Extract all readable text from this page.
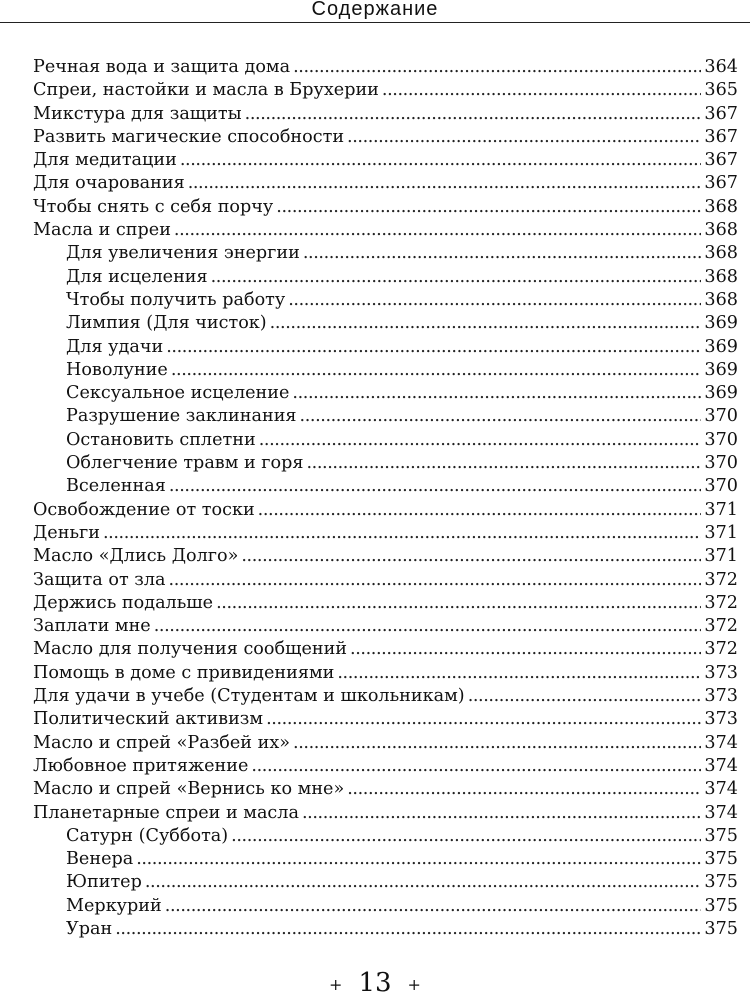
Содержание
Речная вода и защита дома . . .	364
Спреи, настойки и масла в Брухерии . . .	365
Микстура для защиты . . .	367
Развить магические способности . . .	367
Для медитации . . .	367
Для очарования . . .	367
Чтобы снять с себя порчу . . .	368
Масла и спреи . . .	368
Для увеличения энергии . . .	368
Для исцеления . . .	368
Чтобы получить работу . . .	368
Лимпия (Для чисток) . . .	369
Для удачи . . .	369
Новолуние . . .	369
Сексуальное исцеление . . .	369
Разрушение заклинания . . .	370
Остановить сплетни . . .	370
Облегчение травм и горя . . .	370
Вселенная . . .	370
Освобождение от тоски . . .	371
Деньги . . .	371
Масло «Длись Долго» . . .	371
Защита от зла . . .	372
Держись подальше . . .	372
Заплати мне . . .	372
Масло для получения сообщений . . .	372
Помощь в доме с привидениями . . .	373
Для удачи в учебе (Студентам и школьникам) . . .	373
Политический активизм . . .	373
Масло и спрей «Разбей их» . . .	374
Любовное притяжение . . .	374
Масло и спрей «Вернись ко мне» . . .	374
Планетарные спреи и масла . . .	374
Сатурн (Суббота) . . .	375
Венера . . .	375
Юпитер . . .	375
Меркурий . . .	375
Уран . . .	375
+ 13 +
